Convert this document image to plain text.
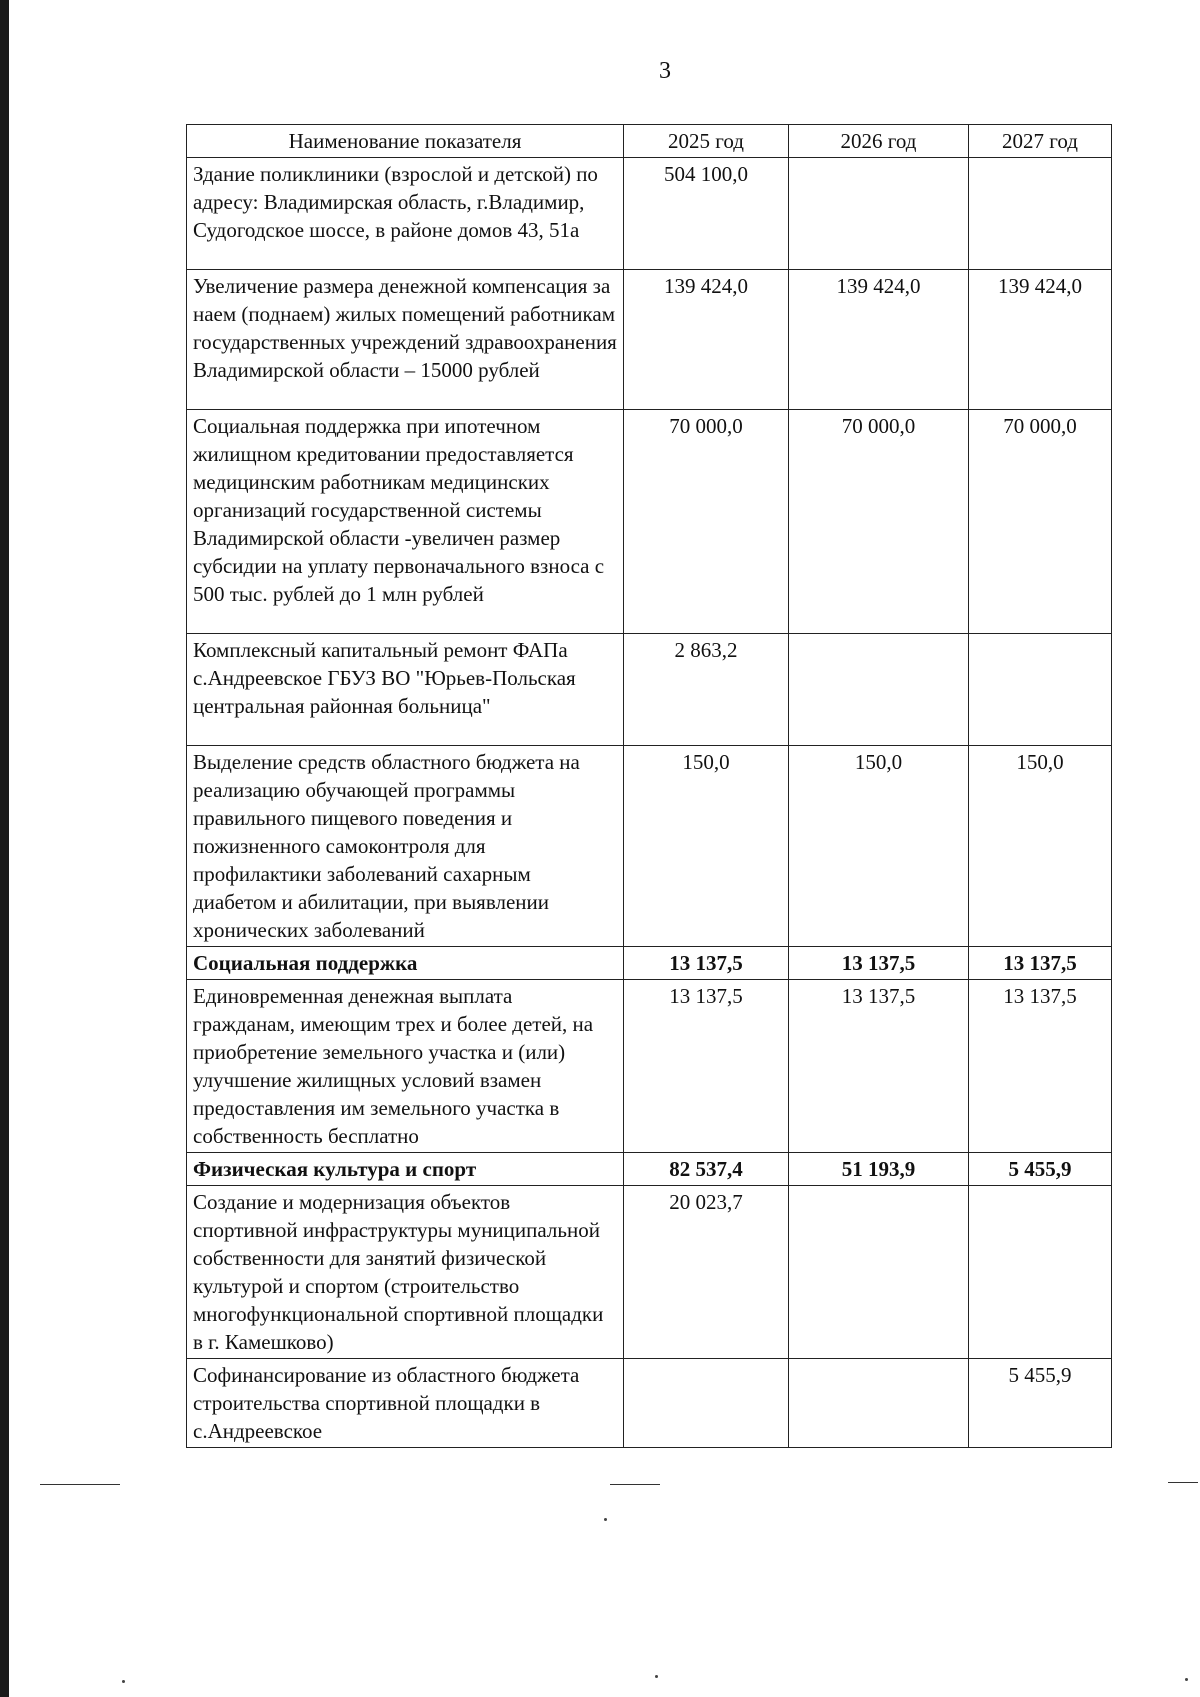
3
Наименование показателя	2025 год	2026 год	2027 год
Здание поликлиники (взрослой и детской) по адресу: Владимирская область, г.Владимир, Судогодское шоссе, в районе домов 43, 51а	504 100,0		
Увеличение размера денежной компенсация за наем (поднаем) жилых помещений работникам государственных учреждений здравоохранения Владимирской области – 15000 рублей	139 424,0	139 424,0	139 424,0
Социальная поддержка при ипотечном жилищном кредитовании предоставляется медицинским работникам медицинских организаций государственной системы Владимирской области -увеличен размер субсидии на уплату первоначального взноса с 500 тыс. рублей до 1 млн рублей	70 000,0	70 000,0	70 000,0
Комплексный капитальный ремонт ФАПа с.Андреевское ГБУЗ ВО "Юрьев-Польская центральная районная больница"	2 863,2		
Выделение средств областного бюджета на реализацию обучающей программы правильного пищевого поведения и пожизненного самоконтроля для профилактики заболеваний сахарным диабетом и абилитации, при выявлении хронических заболеваний	150,0	150,0	150,0
Социальная поддержка	13 137,5	13 137,5	13 137,5
Единовременная денежная выплата гражданам, имеющим трех и более детей, на приобретение земельного участка и (или) улучшение жилищных условий взамен предоставления им земельного участка в собственность бесплатно	13 137,5	13 137,5	13 137,5
Физическая культура и спорт	82 537,4	51 193,9	5 455,9
Создание и модернизация объектов спортивной инфраструктуры муниципальной собственности для занятий физической культурой и спортом (строительство многофункциональной спортивной площадки в г. Камешково)	20 023,7		
Софинансирование из областного бюджета строительства спортивной площадки в с.Андреевское			5 455,9
